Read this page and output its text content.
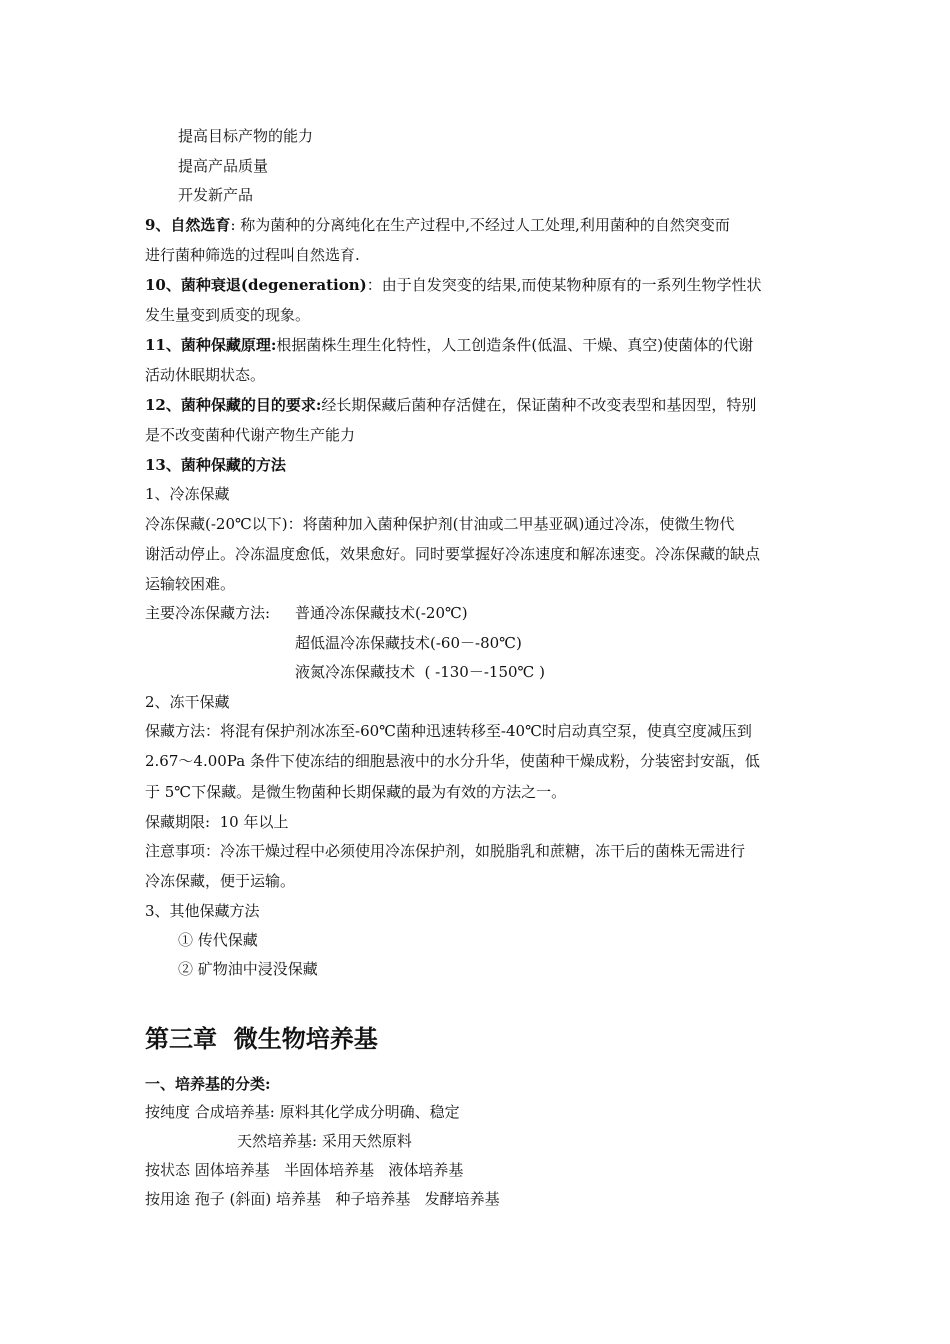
提高目标产物的能力
提高产品质量
开发新产品
9、自然选育: 称为菌种的分离纯化在生产过程中,不经过人工处理,利用菌种的自然突变而
进行菌种筛选的过程叫自然选育.
10、菌种衰退(degeneration)：由于自发突变的结果,而使某物种原有的一系列生物学性状
发生量变到质变的现象。
11、菌种保藏原理:根据菌株生理生化特性，人工创造条件(低温、干燥、真空)使菌体的代谢
活动休眠期状态。
12、菌种保藏的目的要求:经长期保藏后菌种存活健在，保证菌种不改变表型和基因型，特别
是不改变菌种代谢产物生产能力
13、菌种保藏的方法
1、冷冻保藏
冷冻保藏(-20℃以下)：将菌种加入菌种保护剂(甘油或二甲基亚砜)通过冷冻，使微生物代
谢活动停止。冷冻温度愈低，效果愈好。同时要掌握好冷冻速度和解冻速变。冷冻保藏的缺点
运输较困难。
主要冷冻保藏方法: 普通冷冻保藏技术(-20℃)
超低温冷冻保藏技术(-60－-80℃)
液氮冷冻保藏技术  ( -130－-150℃ )
2、冻干保藏
保藏方法：将混有保护剂冰冻至-60℃菌种迅速转移至-40℃时启动真空泵，使真空度减压到
2.67～4.00Pa 条件下使冻结的细胞悬液中的水分升华，使菌种干燥成粉，分装密封安瓿，低
于 5℃下保藏。是微生物菌种长期保藏的最为有效的方法之一。
保藏期限:  10 年以上
注意事项：冷冻干燥过程中必须使用冷冻保护剂，如脱脂乳和蔗糖，冻干后的菌株无需进行
冷冻保藏，便于运输。
3、其他保藏方法
① 传代保藏
② 矿物油中浸没保藏
第三章  微生物培养基
一、培养基的分类:
按纯度 合成培养基: 原料其化学成分明确、稳定
天然培养基: 采用天然原料
按状态 固体培养基   半固体培养基   液体培养基
按用途 孢子 (斜面) 培养基   种子培养基   发酵培养基
